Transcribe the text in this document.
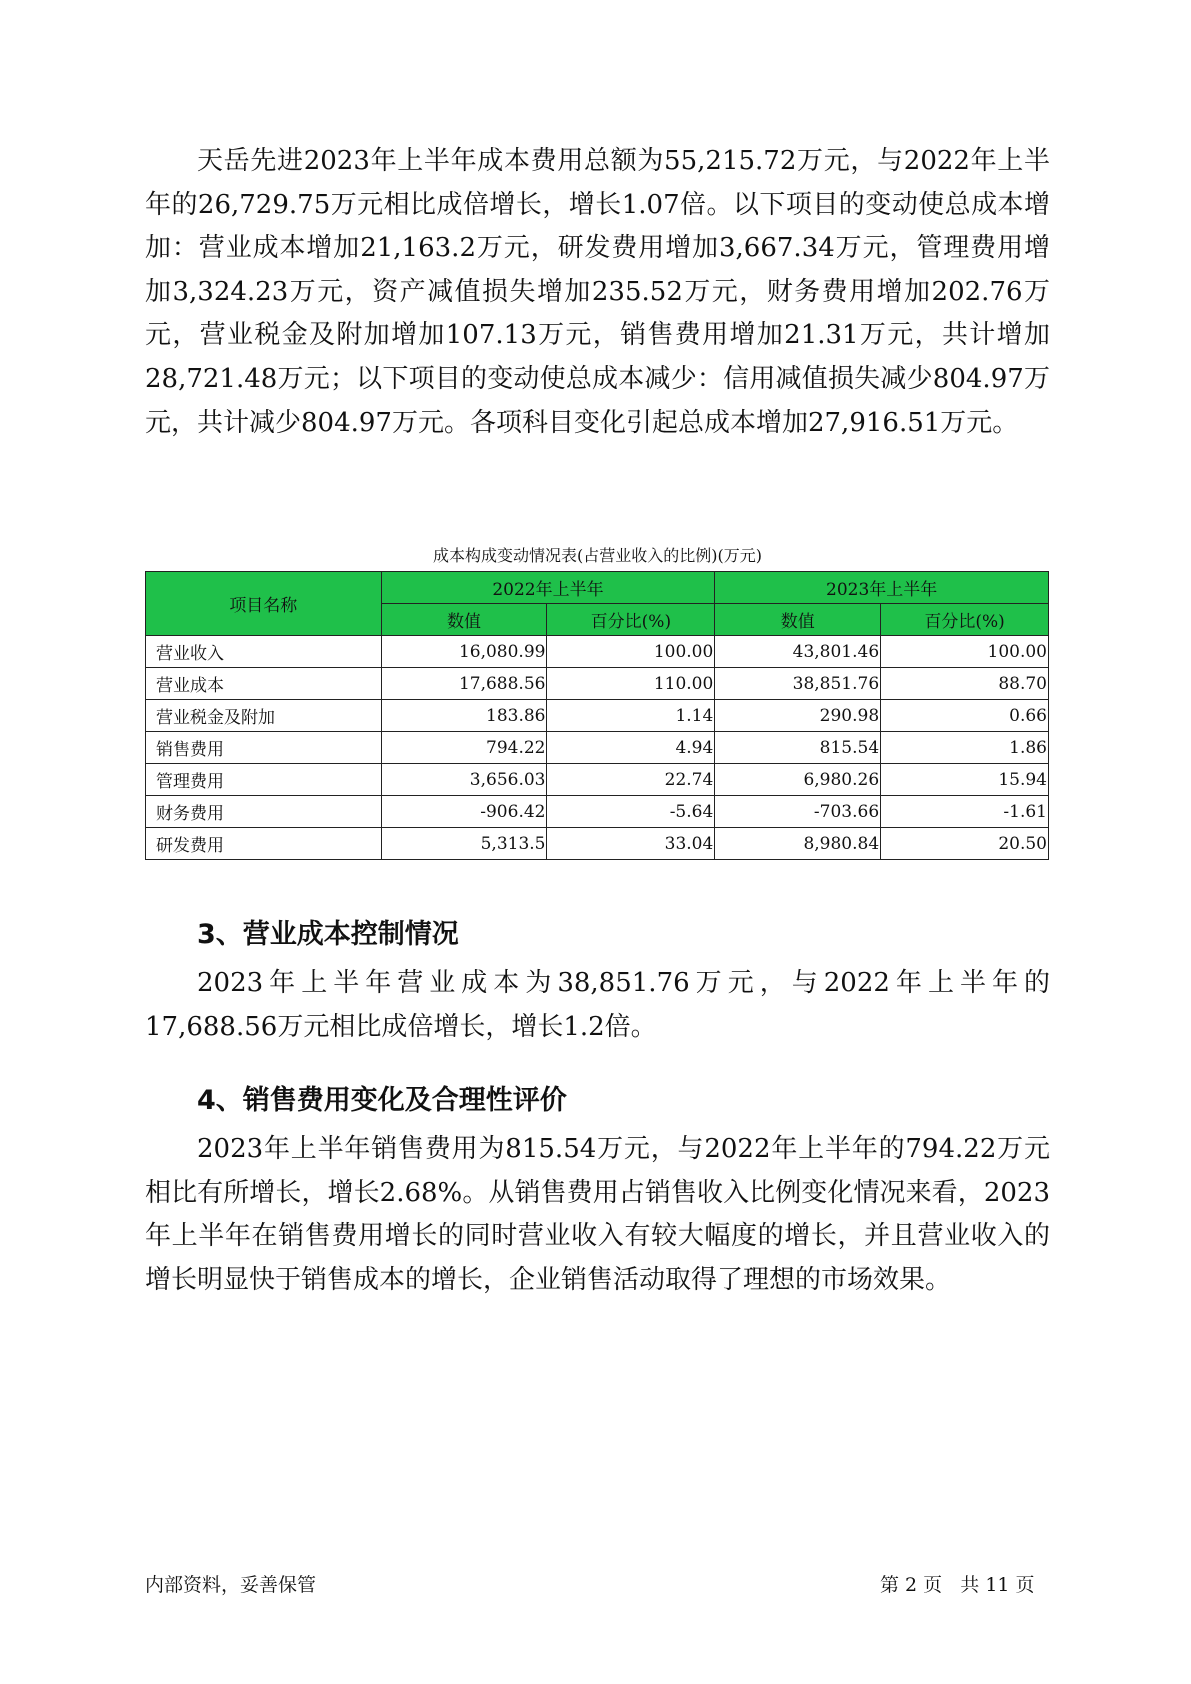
天岳先进2023年上半年成本费用总额为55,215.72万元，与2022年上半年的26,729.75万元相比成倍增长，增长1.07倍。以下项目的变动使总成本增加：营业成本增加21,163.2万元，研发费用增加3,667.34万元，管理费用增加3,324.23万元，资产减值损失增加235.52万元，财务费用增加202.76万元，营业税金及附加增加107.13万元，销售费用增加21.31万元，共计增加28,721.48万元；以下项目的变动使总成本减少：信用减值损失减少804.97万元，共计减少804.97万元。各项科目变化引起总成本增加27,916.51万元。

成本构成变动情况表(占营业收入的比例)(万元)

项目名称	2022年上半年		2023年上半年	
	数值	百分比(%)	数值	百分比(%)
营业收入	16,080.99	100.00	43,801.46	100.00
营业成本	17,688.56	110.00	38,851.76	88.70
营业税金及附加	183.86	1.14	290.98	0.66
销售费用	794.22	4.94	815.54	1.86
管理费用	3,656.03	22.74	6,980.26	15.94
财务费用	-906.42	-5.64	-703.66	-1.61
研发费用	5,313.5	33.04	8,980.84	20.50
3、营业成本控制情况

2023年上半年营业成本为38,851.76万元，与2022年上半年的17,688.56万元相比成倍增长，增长1.2倍。

4、销售费用变化及合理性评价

2023年上半年销售费用为815.54万元，与2022年上半年的794.22万元相比有所增长，增长2.68%。从销售费用占销售收入比例变化情况来看，2023年上半年在销售费用增长的同时营业收入有较大幅度的增长，并且营业收入的增长明显快于销售成本的增长，企业销售活动取得了理想的市场效果。

内部资料，妥善保管	第 2 页   共 11 页
